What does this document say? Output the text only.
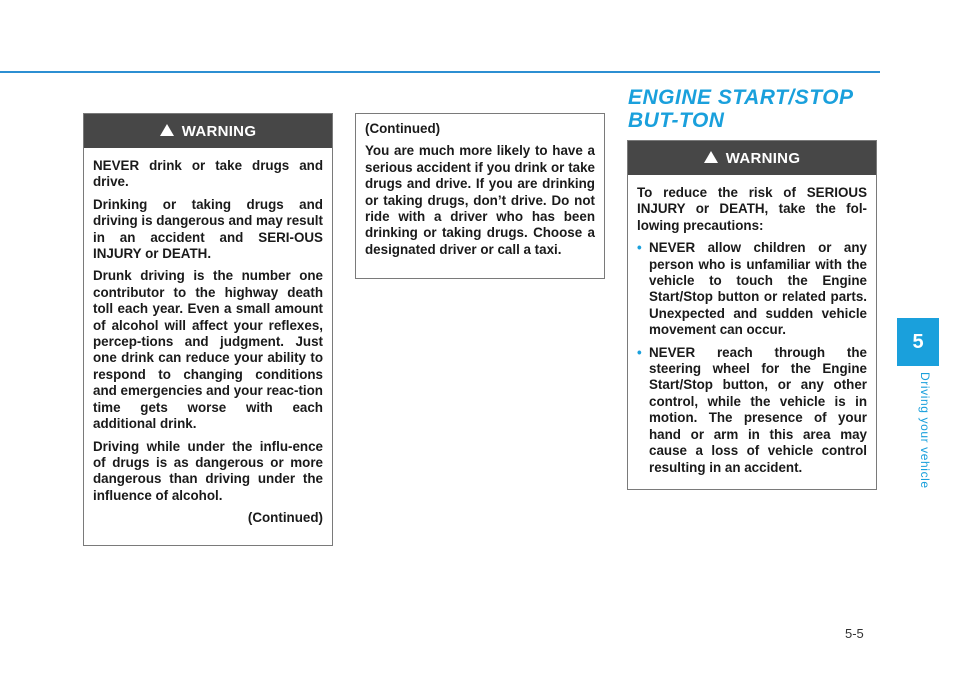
WARNING

NEVER drink or take drugs and drive.

Drinking or taking drugs and driving is dangerous and may result in an accident and SERI-OUS INJURY or DEATH.

Drunk driving is the number one contributor to the highway death toll each year. Even a small amount of alcohol will affect your reflexes, percep-tions and judgment. Just one drink can reduce your ability to respond to changing conditions and emergencies and your reac-tion time gets worse with each additional drink.

Driving while under the influ-ence of drugs is as dangerous or more dangerous than driving under the influence of alcohol.

(Continued)

(Continued)

You are much more likely to have a serious accident if you drink or take drugs and drive. If you are drinking or taking drugs, don’t drive. Do not ride with a driver who has been drinking or taking drugs. Choose a designated driver or call a taxi.

ENGINE START/STOP BUT-TON
WARNING

To reduce the risk of SERIOUS INJURY or DEATH, take the fol-lowing precautions:

• NEVER allow children or any person who is unfamiliar with the vehicle to touch the Engine Start/Stop button or related parts. Unexpected and sudden vehicle movement can occur.
• NEVER reach through the steering wheel for the Engine Start/Stop button, or any other control, while the vehicle is in motion. The presence of your hand or arm in this area may cause a loss of vehicle control resulting in an accident.
5
Driving your vehicle
5-5
